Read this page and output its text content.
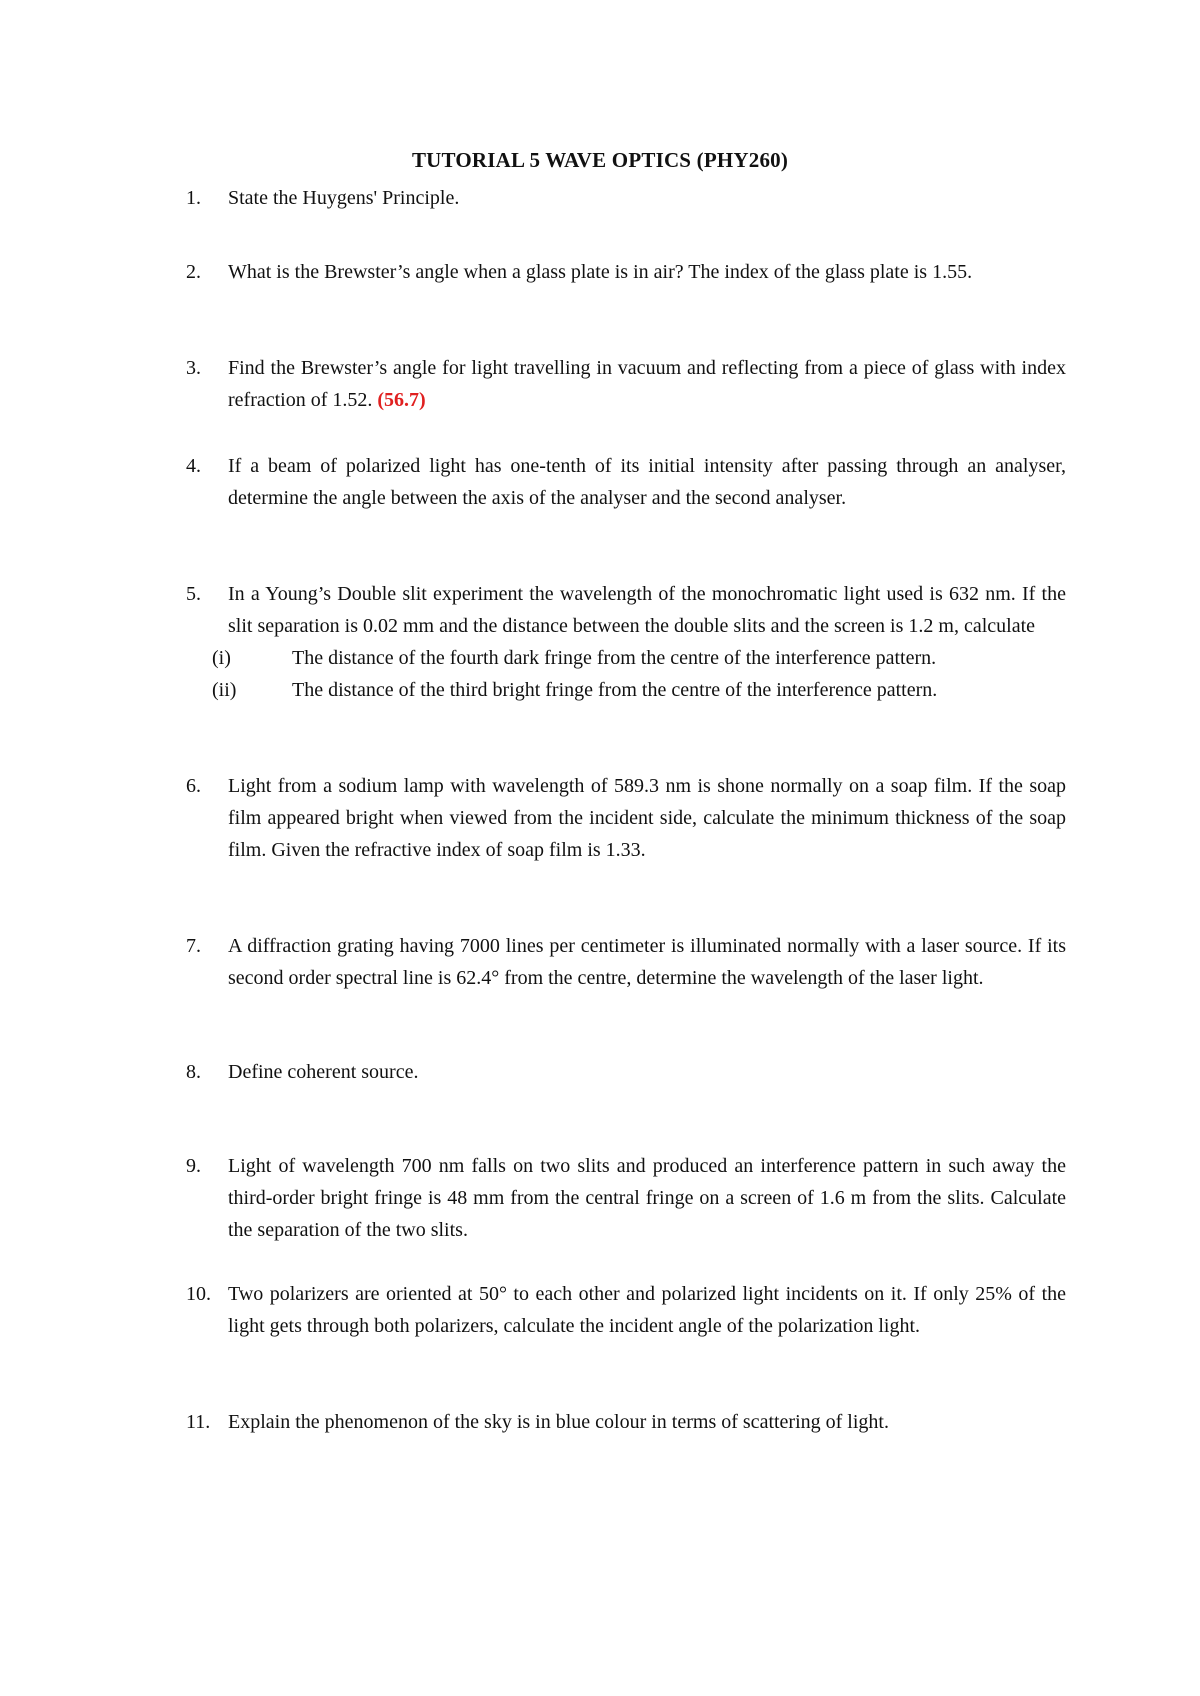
TUTORIAL 5 WAVE OPTICS (PHY260)
1.	State the Huygens' Principle.
2.	What is the Brewster’s angle when a glass plate is in air? The index of the glass plate is 1.55.
3.	Find the Brewster’s angle for light travelling in vacuum and reflecting from a piece of glass with index refraction of 1.52. (56.7)
4.	If a beam of polarized light has one-tenth of its initial intensity after passing through an analyser, determine the angle between the axis of the analyser and the second analyser.
5.	In a Young’s Double slit experiment the wavelength of the monochromatic light used is 632 nm. If the slit separation is 0.02 mm and the distance between the double slits and the screen is 1.2 m, calculate
(i)	The distance of the fourth dark fringe from the centre of the interference pattern.
(ii)	The distance of the third bright fringe from the centre of the interference pattern.
6.	Light from a sodium lamp with wavelength of 589.3 nm is shone normally on a soap film. If the soap film appeared bright when viewed from the incident side, calculate the minimum thickness of the soap film. Given the refractive index of soap film is 1.33.
7.	A diffraction grating having 7000 lines per centimeter is illuminated normally with a laser source. If its second order spectral line is 62.4° from the centre, determine the wavelength of the laser light.
8.	Define coherent source.
9.	Light of wavelength 700 nm falls on two slits and produced an interference pattern in such away the third-order bright fringe is 48 mm from the central fringe on a screen of 1.6 m from the slits. Calculate the separation of the two slits.
10. Two polarizers are oriented at 50° to each other and polarized light incidents on it. If only 25% of the light gets through both polarizers, calculate the incident angle of the polarization light.
11. Explain the phenomenon of the sky is in blue colour in terms of scattering of light.
